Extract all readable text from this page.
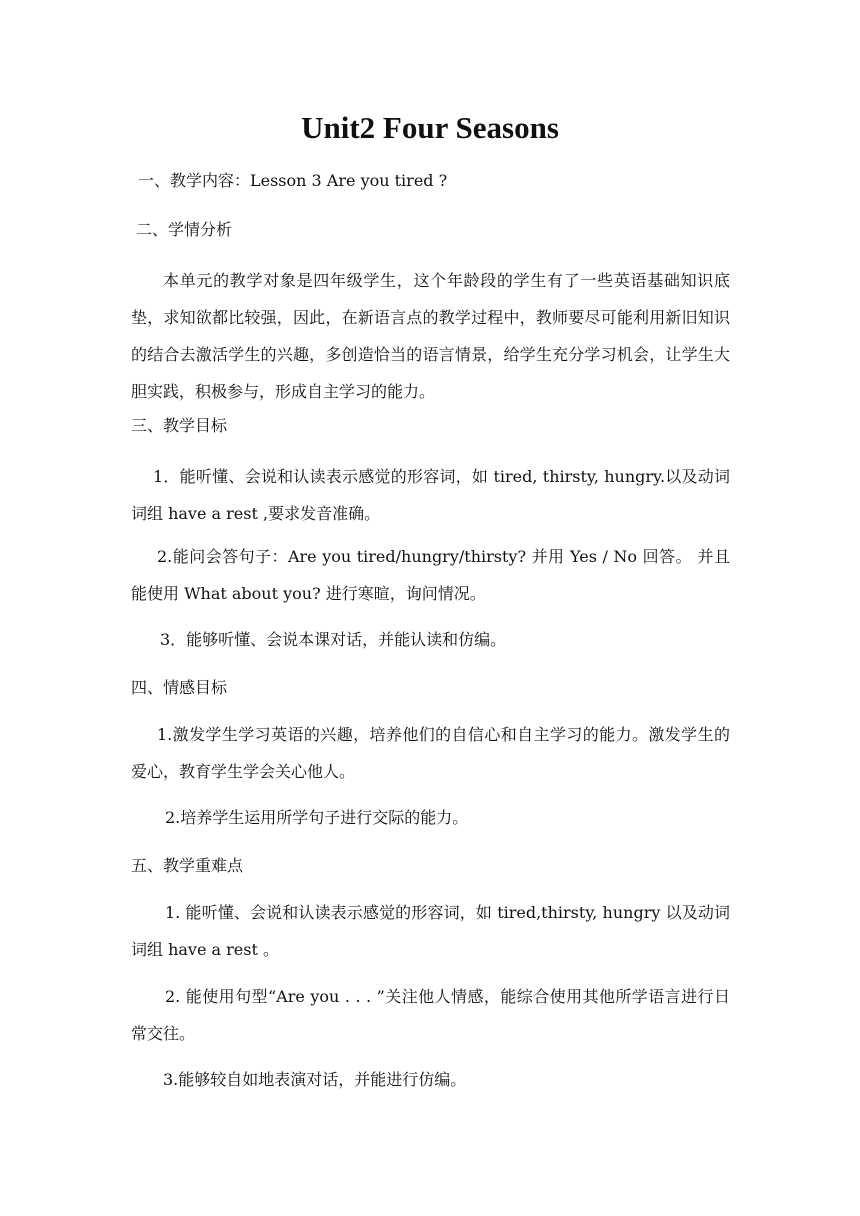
Unit2 Four Seasons
一、教学内容：Lesson 3 Are you tired ?
二、学情分析

本单元的教学对象是四年级学生，这个年龄段的学生有了一些英语基础知识底垫，求知欲都比较强，因此，在新语言点的教学过程中，教师要尽可能利用新旧知识的结合去激活学生的兴趣，多创造恰当的语言情景，给学生充分学习机会，让学生大胆实践，积极参与，形成自主学习的能力。

三、教学目标

1．能听懂、会说和认读表示感觉的形容词，如 tired, thirsty, hungry.以及动词词组 have a rest ,要求发音准确。

2.能问会答句子：Are you tired/hungry/thirsty? 并用 Yes / No 回答。 并且能使用 What about you? 进行寒暄，询问情况。

3．能够听懂、会说本课对话，并能认读和仿编。
四、情感目标

1.激发学生学习英语的兴趣，培养他们的自信心和自主学习的能力。激发学生的爱心，教育学生学会关心他人。

2.培养学生运用所学句子进行交际的能力。
五、教学重难点

1. 能听懂、会说和认读表示感觉的形容词，如 tired,thirsty, hungry 以及动词词组 have a rest 。

2. 能使用句型“Are you . . . ”关注他人情感，能综合使用其他所学语言进行日常交往。

3.能够较自如地表演对话，并能进行仿编。
